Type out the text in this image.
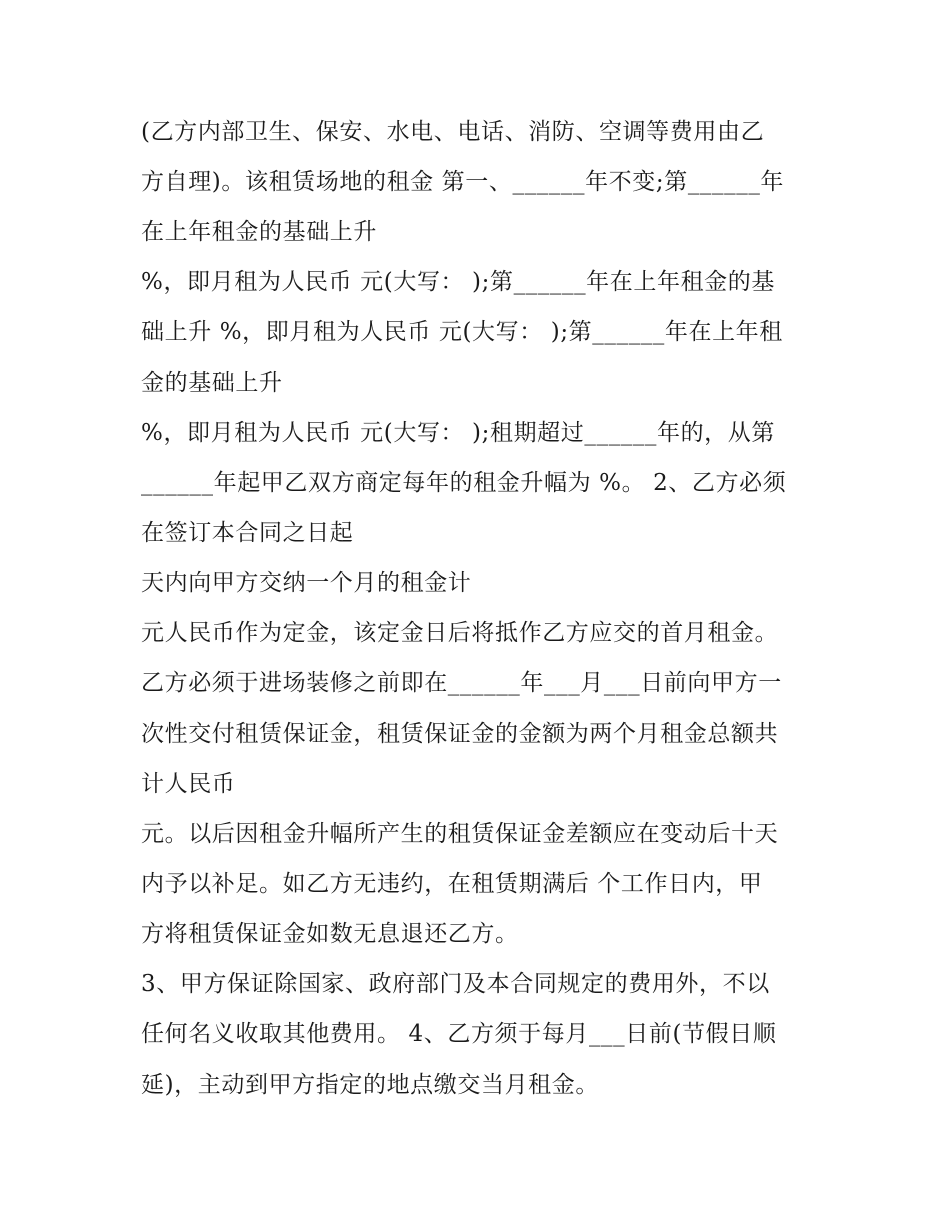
(乙方内部卫生、保安、水电、电话、消防、空调等费用由乙
方自理)。该租赁场地的租金 第一、______年不变;第______年
在上年租金的基础上升
%，即月租为人民币 元(大写： );第______年在上年租金的基
础上升 %，即月租为人民币 元(大写： );第______年在上年租
金的基础上升
%，即月租为人民币 元(大写： );租期超过______年的，从第
______年起甲乙双方商定每年的租金升幅为 %。 2、乙方必须
在签订本合同之日起
天内向甲方交纳一个月的租金计
元人民币作为定金，该定金日后将抵作乙方应交的首月租金。
乙方必须于进场装修之前即在______年___月___日前向甲方一
次性交付租赁保证金，租赁保证金的金额为两个月租金总额共
计人民币
元。以后因租金升幅所产生的租赁保证金差额应在变动后十天
内予以补足。如乙方无违约，在租赁期满后 个工作日内，甲
方将租赁保证金如数无息退还乙方。
3、甲方保证除国家、政府部门及本合同规定的费用外，不以
任何名义收取其他费用。 4、乙方须于每月___日前(节假日顺
延)，主动到甲方指定的地点缴交当月租金。
